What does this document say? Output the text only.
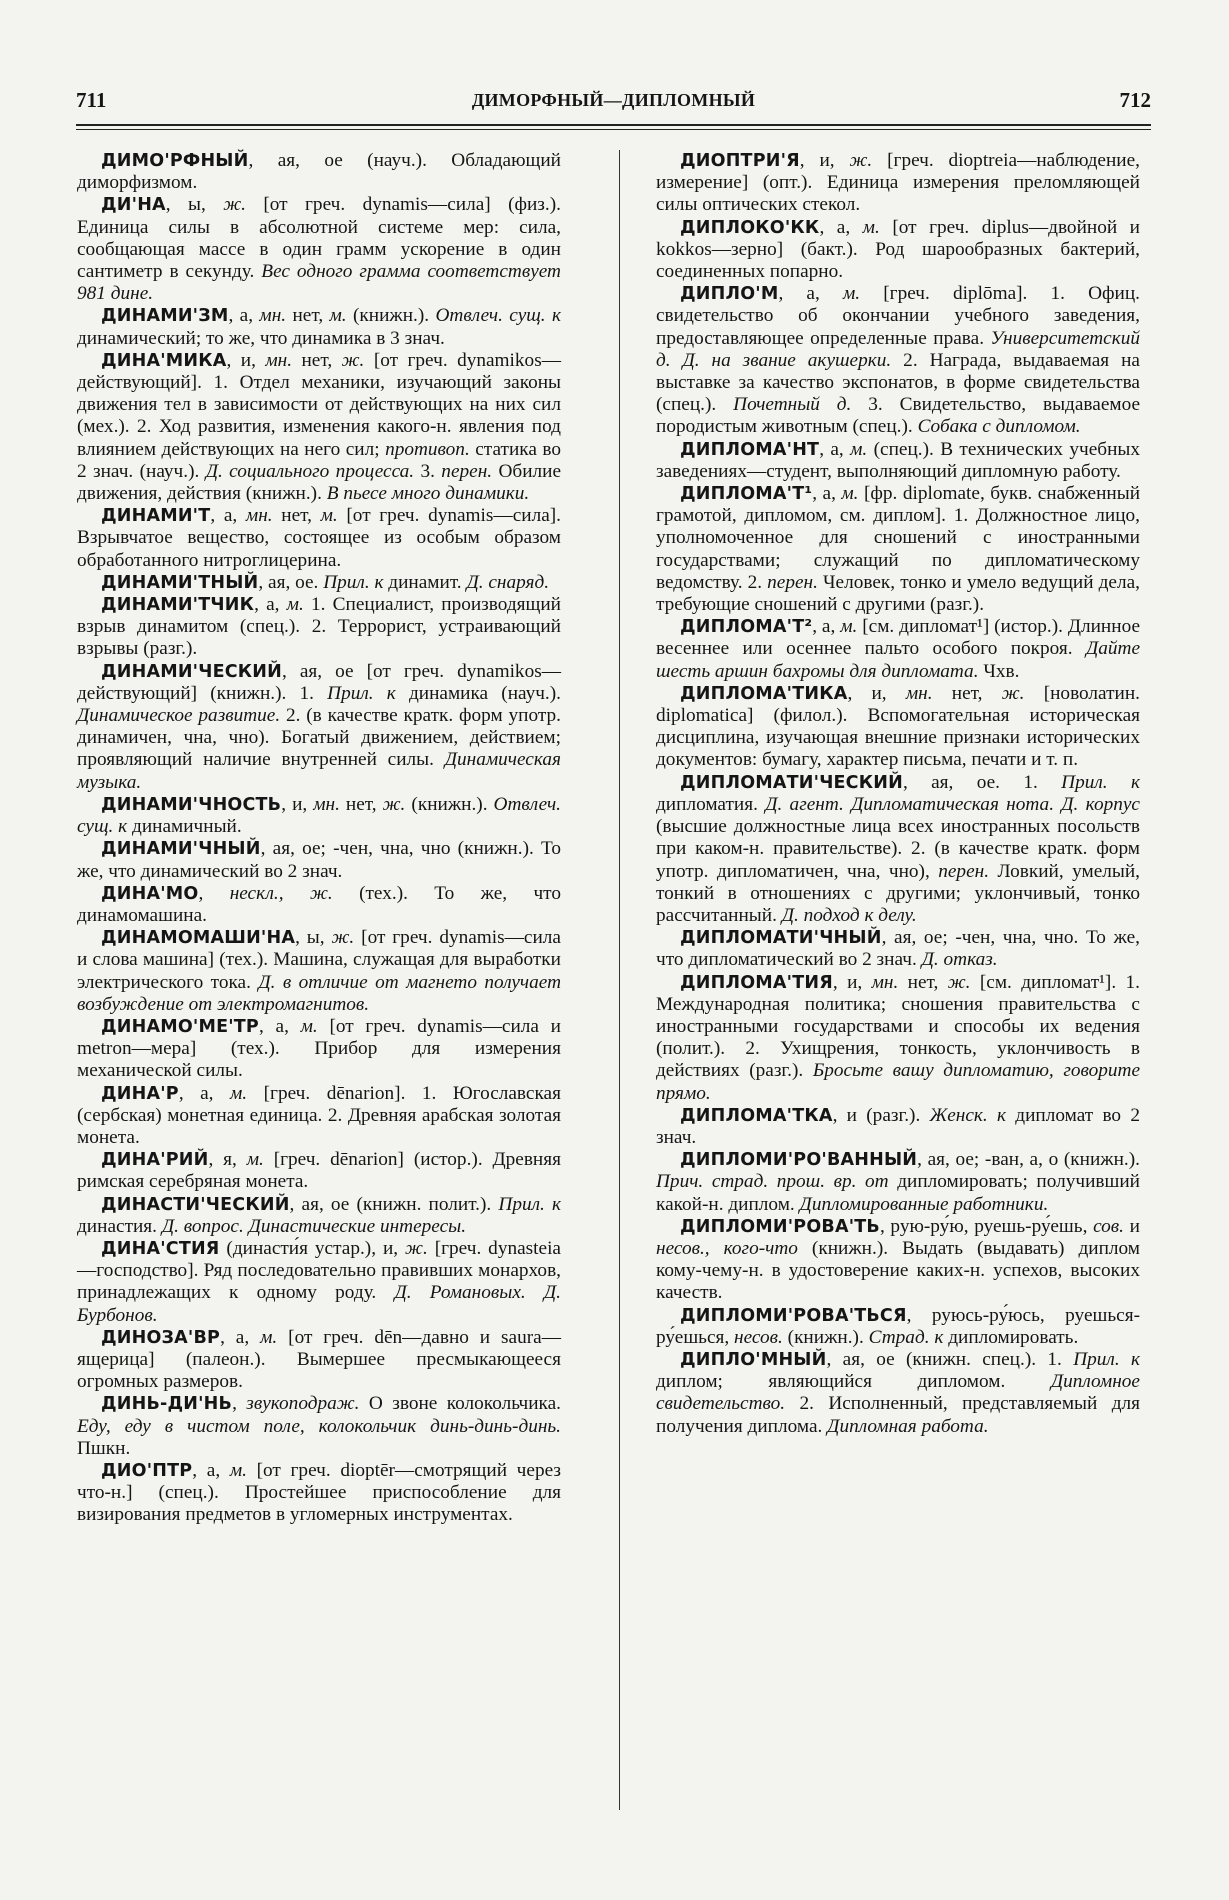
711	ДИМОРФНЫЙ—ДИПЛОМНЫЙ	712

ДИМО'РФНЫЙ, ая, ое (науч.). Обладающий диморфизмом.

ДИ'НА, ы, ж. [от греч. dynamis—сила] (физ.). Единица силы в абсолютной системе мер: сила, сообщающая массе в один грамм ускорение в один сантиметр в секунду. Вес одного грамма соответствует 981 дине.

ДИНАМИ'ЗМ, а, мн. нет, м. (книжн.). Отвлеч. сущ. к динамический; то же, что динамика в 3 знач.

ДИНА'МИКА, и, мн. нет, ж. [от греч. dynamikos—действующий]. 1. Отдел механики, изучающий законы движения тел в зависимости от действующих на них сил (мех.). 2. Ход развития, изменения какого-н. явления под влиянием действующих на него сил; противоп. статика во 2 знач. (науч.). Д. социального процесса. 3. перен. Обилие движения, действия (книжн.). В пьесе много динамики.

ДИНАМИ'Т, а, мн. нет, м. [от греч. dynamis—сила]. Взрывчатое вещество, состоящее из особым образом обработанного нитроглицерина.

ДИНАМИ'ТНЫЙ, ая, ое. Прил. к динамит. Д. снаряд.

ДИНАМИ'ТЧИК, а, м. 1. Специалист, производящий взрыв динамитом (спец.). 2. Террорист, устраивающий взрывы (разг.).

ДИНАМИ'ЧЕСКИЙ, ая, ое [от греч. dynamikos—действующий] (книжн.). 1. Прил. к динамика (науч.). Динамическое развитие. 2. (в качестве кратк. форм употр. динамичен, чна, чно). Богатый движением, действием; проявляющий наличие внутренней силы. Динамическая музыка.

ДИНАМИ'ЧНОСТЬ, и, мн. нет, ж. (книжн.). Отвлеч. сущ. к динамичный.

ДИНАМИ'ЧНЫЙ, ая, ое; -чен, чна, чно (книжн.). То же, что динамический во 2 знач.

ДИНА'МО, нескл., ж. (тех.). То же, что динамомашина.

ДИНАМОМАШИ'НА, ы, ж. [от греч. dynamis—сила и слова машина] (тех.). Машина, служащая для выработки электрического тока. Д. в отличие от магнето получает возбуждение от электромагнитов.

ДИНАМО'МЕ'ТР, а, м. [от греч. dynamis—сила и metron—мера] (тех.). Прибор для измерения механической силы.

ДИНА'Р, а, м. [греч. dēnarion]. 1. Югославская (сербская) монетная единица. 2. Древняя арабская золотая монета.

ДИНА'РИЙ, я, м. [греч. dēnarion] (истор.). Древняя римская серебряная монета.

ДИНАСТИ'ЧЕСКИЙ, ая, ое (книжн. полит.). Прил. к династия. Д. вопрос. Династические интересы.

ДИНА'СТИЯ (династи́я устар.), и, ж. [греч. dynasteia—господство]. Ряд последовательно правивших монархов, принадлежащих к одному роду. Д. Романовых. Д. Бурбонов.

ДИНОЗА'ВР, а, м. [от греч. dēn—давно и saura—ящерица] (палеон.). Вымершее пресмыкающееся огромных размеров.

ДИНЬ-ДИ'НЬ, звукоподраж. О звоне колокольчика. Еду, еду в чистом поле, колокольчик динь-динь-динь. Пшкн.

ДИО'ПТР, а, м. [от греч. dioptēr—смотрящий через что-н.] (спец.). Простейшее приспособление для визирования предметов в угломерных инструментах.

ДИОПТРИ'Я, и, ж. [греч. dioptreia—наблюдение, измерение] (опт.). Единица измерения преломляющей силы оптических стекол.

ДИПЛОКО'КК, а, м. [от греч. diplus—двойной и kokkos—зерно] (бакт.). Род шарообразных бактерий, соединенных попарно.

ДИПЛО'М, а, м. [греч. diplōma]. 1. Офиц. свидетельство об окончании учебного заведения, предоставляющее определенные права. Университетский д. Д. на звание акушерки. 2. Награда, выдаваемая на выставке за качество экспонатов, в форме свидетельства (спец.). Почетный д. 3. Свидетельство, выдаваемое породистым животным (спец.). Собака с дипломом.

ДИПЛОМА'НТ, а, м. (спец.). В технических учебных заведениях—студент, выполняющий дипломную работу.

ДИПЛОМА'Т¹, а, м. [фр. diplomate, букв. снабженный грамотой, дипломом, см. диплом]. 1. Должностное лицо, уполномоченное для сношений с иностранными государствами; служащий по дипломатическому ведомству. 2. перен. Человек, тонко и умело ведущий дела, требующие сношений с другими (разг.).

ДИПЛОМА'Т², а, м. [см. дипломат¹] (истор.). Длинное весеннее или осеннее пальто особого покроя. Дайте шесть аршин бахромы для дипломата. Чхв.

ДИПЛОМА'ТИКА, и, мн. нет, ж. [новолатин. diplomatica] (филол.). Вспомогательная историческая дисциплина, изучающая внешние признаки исторических документов: бумагу, характер письма, печати и т. п.

ДИПЛОМАТИ'ЧЕСКИЙ, ая, ое. 1. Прил. к дипломатия. Д. агент. Дипломатическая нота. Д. корпус (высшие должностные лица всех иностранных посольств при каком-н. правительстве). 2. (в качестве кратк. форм употр. дипломатичен, чна, чно), перен. Ловкий, умелый, тонкий в отношениях с другими; уклончивый, тонко рассчитанный. Д. подход к делу.

ДИПЛОМАТИ'ЧНЫЙ, ая, ое; -чен, чна, чно. То же, что дипломатический во 2 знач. Д. отказ.

ДИПЛОМА'ТИЯ, и, мн. нет, ж. [см. дипломат¹]. 1. Международная политика; сношения правительства с иностранными государствами и способы их ведения (полит.). 2. Ухищрения, тонкость, уклончивость в действиях (разг.). Бросьте вашу дипломатию, говорите прямо.

ДИПЛОМА'ТКА, и (разг.). Женск. к дипломат во 2 знач.

ДИПЛОМИ'РО'ВАННЫЙ, ая, ое; -ван, а, о (книжн.). Прич. страд. прош. вр. от дипломировать; получивший какой-н. диплом. Дипломированные работники.

ДИПЛОМИ'РОВА'ТЬ, рую-ру́ю, руешь-ру́ешь, сов. и несов., кого-что (книжн.). Выдать (выдавать) диплом кому-чему-н. в удостоверение каких-н. успехов, высоких качеств.

ДИПЛОМИ'РОВА'ТЬСЯ, руюсь-ру́юсь, руешься-ру́ешься, несов. (книжн.). Страд. к дипломировать.

ДИПЛО'МНЫЙ, ая, ое (книжн. спец.). 1. Прил. к диплом; являющийся дипломом. Дипломное свидетельство. 2. Исполненный, представляемый для получения диплома. Дипломная работа.
